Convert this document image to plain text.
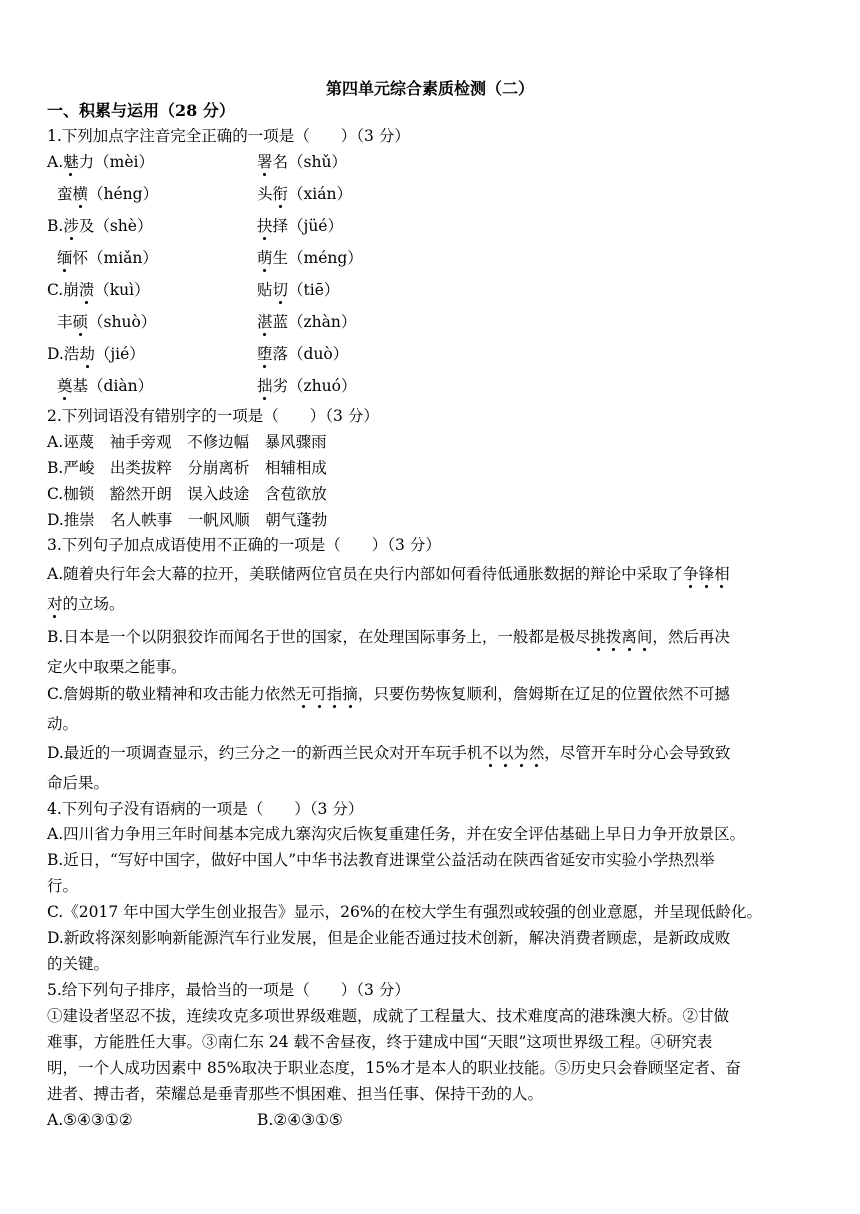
第四单元综合素质检测（二）
一、积累与运用（28 分）
1.下列加点字注音完全正确的一项是（　　）（3 分）
A.魅力（mèi）	署名（shǔ）
蛮横（héng）	头衔（xián）
B.涉及（shè）	抉择（jüé）
缅怀（miǎn）	萌生（méng）
C.崩溃（kuì）	贴切（tiē）
丰硕（shuò）	湛蓝（zhàn）
D.浩劫（jié）	堕落（duò）
奠基（diàn）	拙劣（zhuó）
2.下列词语没有错别字的一项是（　　）（3 分）
A.诬蔑　袖手旁观　不修边幅　暴风骤雨
B.严峻　出类拔粹　分崩离析　相辅相成
C.枷锁　豁然开朗　误入歧途　含苞欲放
D.推崇　名人帙事　一帆风顺　朝气蓬勃
3.下列句子加点成语使用不正确的一项是（　　）（3 分）
A.随着央行年会大幕的拉开，美联储两位官员在央行内部如何看待低通胀数据的辩论中采取了争锋相
对的立场。
B.日本是一个以阴狠狡诈而闻名于世的国家，在处理国际事务上，一般都是极尽挑拨离间，然后再决
定火中取栗之能事。
C.詹姆斯的敬业精神和攻击能力依然无可指摘，只要伤势恢复顺利，詹姆斯在辽足的位置依然不可撼
动。
D.最近的一项调查显示，约三分之一的新西兰民众对开车玩手机不以为然，尽管开车时分心会导致致
命后果。
4.下列句子没有语病的一项是（　　）（3 分）
A.四川省力争用三年时间基本完成九寨沟灾后恢复重建任务，并在安全评估基础上早日力争开放景区。
B.近日，“写好中国字，做好中国人”中华书法教育进课堂公益活动在陕西省延安市实验小学热烈举
行。
C.《2017 年中国大学生创业报告》显示，26%的在校大学生有强烈或较强的创业意愿，并呈现低龄化。
D.新政将深刻影响新能源汽车行业发展，但是企业能否通过技术创新，解决消费者顾虑，是新政成败
的关键。
5.给下列句子排序，最恰当的一项是（　　）（3 分）
①建设者坚忍不拔，连续攻克多项世界级难题，成就了工程量大、技术难度高的港珠澳大桥。②甘做
难事，方能胜任大事。③南仁东 24 载不舍昼夜，终于建成中国“天眼”这项世界级工程。④研究表
明，一个人成功因素中 85%取决于职业态度，15%才是本人的职业技能。⑤历史只会眷顾坚定者、奋
进者、搏击者，荣耀总是垂青那些不惧困难、担当任事、保持干劲的人。
A.⑤④③①②	B.②④③①⑤
